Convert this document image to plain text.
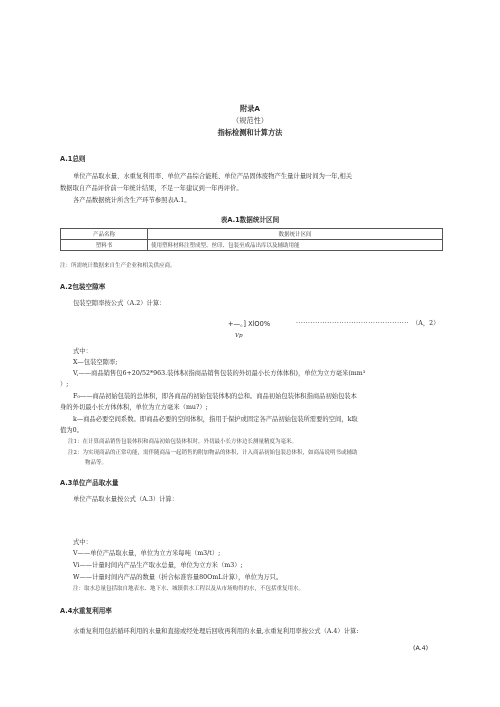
附录A
（规范性）
指标检测和计算方法
A.1总则
单位产品取水量、水重复利用率、单位产品综合能耗、单位产品固体废物产生量计量时间为一年,相关
数据取自产品评价前一年统计结果，不足一年建议到一年再评价。
各产品数据统计所含生产环节参照表A.1。
表A.1数据统计区间
产品名称	数据统计区间
塑料书	使用塑料材料注塑成型、丝印、包装至成品出库以及辅助用能
注：所需统计数据来自生产企业和相关供应商。
A.2包装空隙率
包装空隙率按公式（A.2）计算：
+—。] XlO0%	............................................... （A，2）
Vp
式中：
X—包装空隙率;
V,——商品销售包6+20/52*963.装体积(指商品销售包装的外切最小长方体体积)，单位为立方毫米(mm³
）;
F₀——商品初始包装的总体积，即各商品的初始包装体积的总和。商品初始包装体积指商品初始包装本
身的外切最小长方体体积，单位为立方毫米（mu?）;
k—商品必要空间系数。即商品必要的空间体积，指用于保护或固定各产品初始包装所需要的空间，k取
值为0。
注1：在计算商品销售包装体积和商品初始包装体积时，外切最小长方体边长测量精度为毫米。
注2：为实现商品的正常功能，需伴随商品一起销售的附加物品的体积，计入商品初始包装总体积，如商品说明书或辅助
物品等。
A.3单位产品取水量
单位产品取水量按公式（A.3）计算：
式中：
V——单位产品取水量，单位为立方米每吨（m3/t）;
Vi——计量时间内产品生产取水总量，单位为立方米（m3）;
W——计量时间内产品的数量（折合标准容量80OmL计算），单位为万只。
注：取水总量包括取自地表水、地下水、城镇供水工程以及从市场购得的水，不包括重复用水。
A.4水重复利用率
水重复利用包括循环利用的水量和直接或经处理后回收再利用的水量,水重复利用率按公式（A.4）计算:
(A.4)
